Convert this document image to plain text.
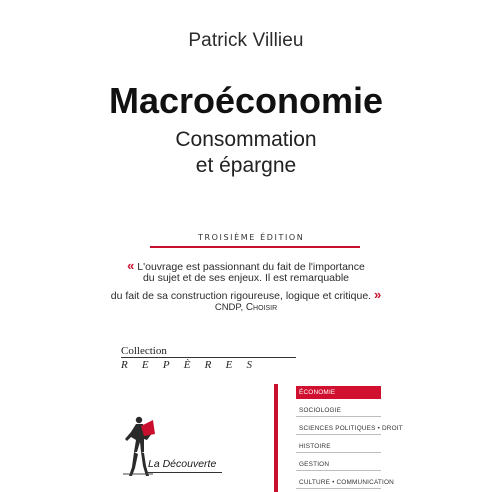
Patrick Villieu
Macroéconomie
Consommation
et épargne
TROISIÈME ÉDITION
« L'ouvrage est passionnant du fait de l'importance
du sujet et de ses enjeux. Il est remarquable
du fait de sa construction rigoureuse, logique et critique. »
CNDP, Choisir
Collection
REPÈRES
ÉCONOMIE
SOCIOLOGIE
SCIENCES POLITIQUES • DROIT
HISTOIRE
GESTION
CULTURE • COMMUNICATION
La Découverte
